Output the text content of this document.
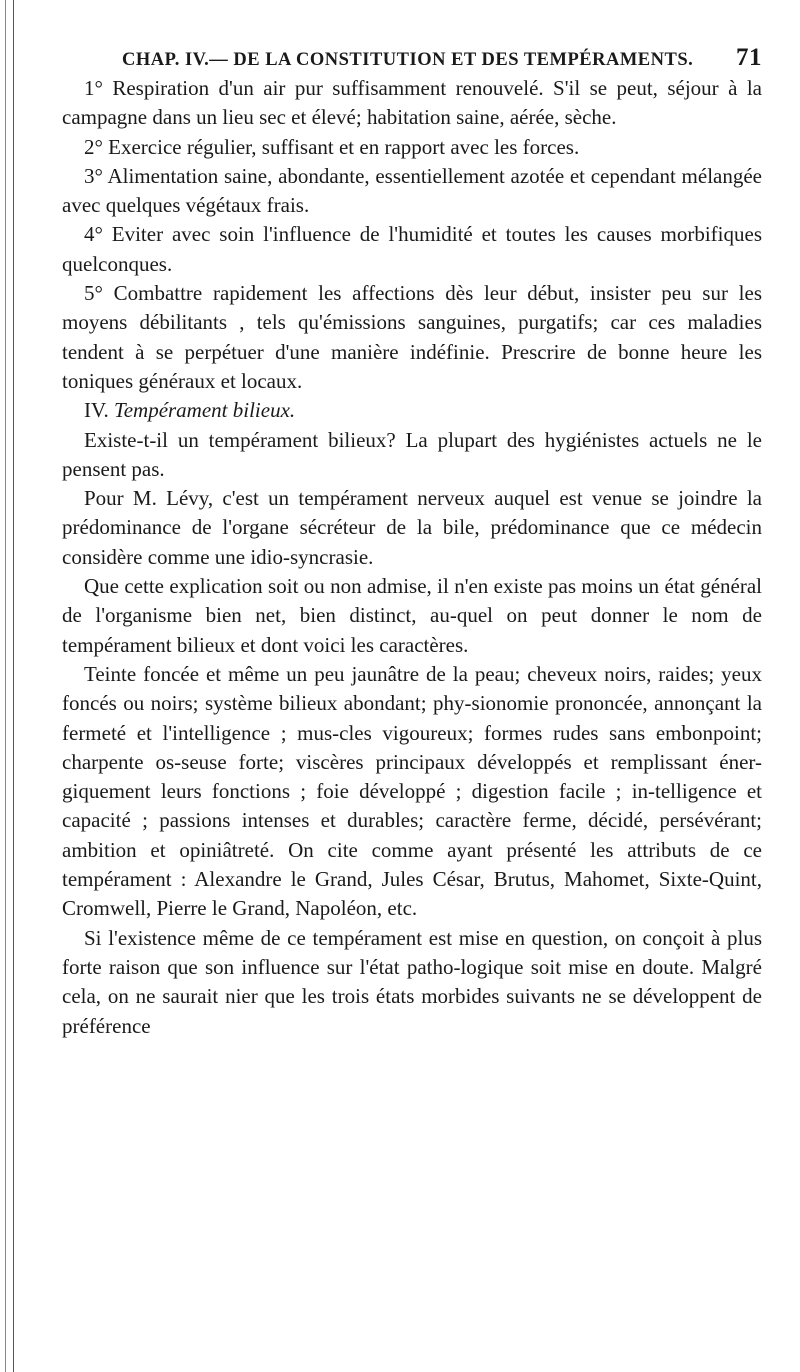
CHAP. IV.— DE LA CONSTITUTION ET DES TEMPÉRAMENTS. 71

1° Respiration d'un air pur suffisamment renouvelé. S'il se peut, séjour à la campagne dans un lieu sec et élevé; habitation saine, aérée, sèche.

2° Exercice régulier, suffisant et en rapport avec les forces.

3° Alimentation saine, abondante, essentiellement azotée et cependant mélangée avec quelques végétaux frais.

4° Eviter avec soin l'influence de l'humidité et toutes les causes morbifiques quelconques.

5° Combattre rapidement les affections dès leur début, insister peu sur les moyens débilitants , tels qu'émissions sanguines, purgatifs; car ces maladies tendent à se perpétuer d'une manière indéfinie. Prescrire de bonne heure les toniques généraux et locaux.

IV. Tempérament bilieux.

Existe-t-il un tempérament bilieux? La plupart des hygiénistes actuels ne le pensent pas.

Pour M. Lévy, c'est un tempérament nerveux auquel est venue se joindre la prédominance de l'organe sécréteur de la bile, prédominance que ce médecin considère comme une idio-syncrasie.

Que cette explication soit ou non admise, il n'en existe pas moins un état général de l'organisme bien net, bien distinct, au-quel on peut donner le nom de tempérament bilieux et dont voici les caractères.

Teinte foncée et même un peu jaunâtre de la peau; cheveux noirs, raides; yeux foncés ou noirs; système bilieux abondant; phy-sionomie prononcée, annonçant la fermeté et l'intelligence ; mus-cles vigoureux; formes rudes sans embonpoint; charpente os-seuse forte; viscères principaux développés et remplissant éner-giquement leurs fonctions ; foie développé ; digestion facile ; in-telligence et capacité ; passions intenses et durables; caractère ferme, décidé, persévérant; ambition et opiniâtreté. On cite comme ayant présenté les attributs de ce tempérament : Alexandre le Grand, Jules César, Brutus, Mahomet, Sixte-Quint, Cromwell, Pierre le Grand, Napoléon, etc.

Si l'existence même de ce tempérament est mise en question, on conçoit à plus forte raison que son influence sur l'état patho-logique soit mise en doute. Malgré cela, on ne saurait nier que les trois états morbides suivants ne se développent de préférence
